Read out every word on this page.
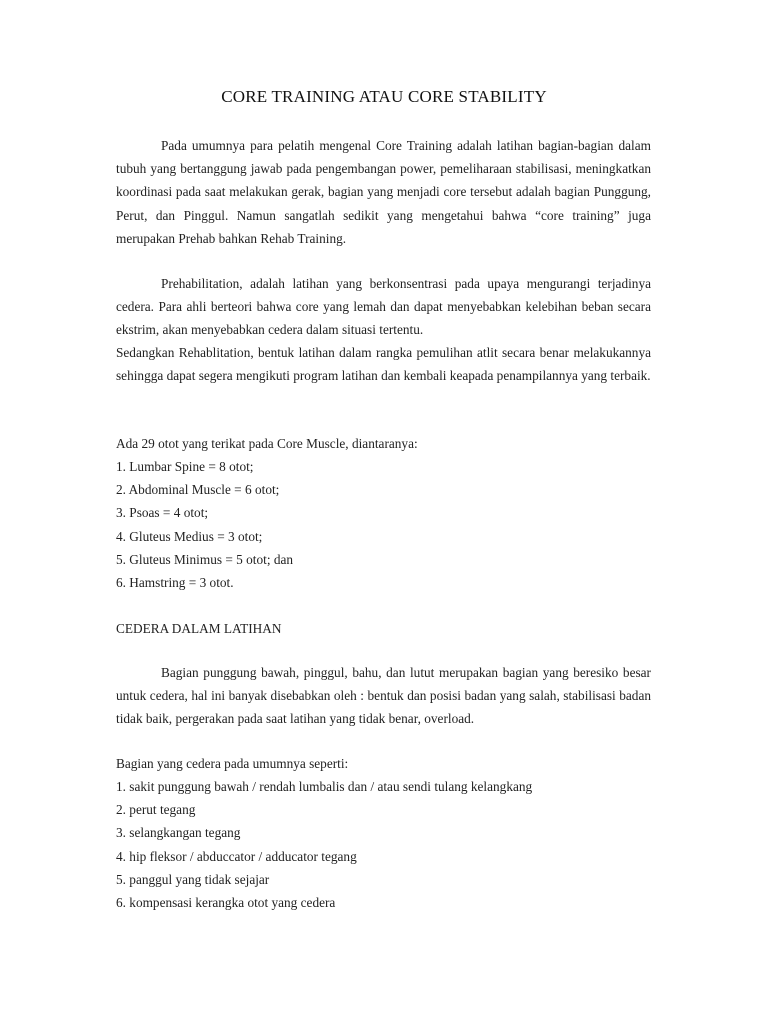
CORE TRAINING ATAU CORE STABILITY

Pada umumnya para pelatih mengenal Core Training adalah latihan bagian-bagian dalam tubuh yang bertanggung jawab pada pengembangan power, pemeliharaan stabilisasi, meningkatkan koordinasi pada saat melakukan gerak, bagian yang menjadi core tersebut adalah bagian Punggung, Perut, dan Pinggul. Namun sangatlah sedikit yang mengetahui bahwa “core training” juga merupakan Prehab bahkan Rehab Training.

Prehabilitation, adalah latihan yang berkonsentrasi pada upaya mengurangi terjadinya cedera. Para ahli berteori bahwa core yang lemah dan dapat menyebabkan kelebihan beban secara ekstrim, akan menyebabkan cedera dalam situasi tertentu.

Sedangkan Rehablitation, bentuk latihan dalam rangka pemulihan atlit secara benar melakukannya sehingga dapat segera mengikuti program latihan dan kembali keapada penampilannya yang terbaik.

Ada 29 otot yang terikat pada Core Muscle, diantaranya:
1. Lumbar Spine = 8 otot;
2. Abdominal Muscle = 6 otot;
3. Psoas = 4 otot;
4. Gluteus Medius = 3 otot;
5. Gluteus Minimus = 5 otot; dan
6. Hamstring = 3 otot.
CEDERA DALAM LATIHAN

Bagian punggung bawah, pinggul, bahu, dan lutut merupakan bagian yang beresiko besar untuk cedera, hal ini banyak disebabkan oleh : bentuk dan posisi badan yang salah, stabilisasi badan tidak baik, pergerakan pada saat latihan yang tidak benar, overload.

Bagian yang cedera pada umumnya seperti:
1. sakit punggung bawah / rendah lumbalis dan / atau sendi tulang kelangkang
2. perut tegang
3. selangkangan tegang
4. hip fleksor / abduccator / adducator tegang
5. panggul yang tidak sejajar
6. kompensasi kerangka otot yang cedera
